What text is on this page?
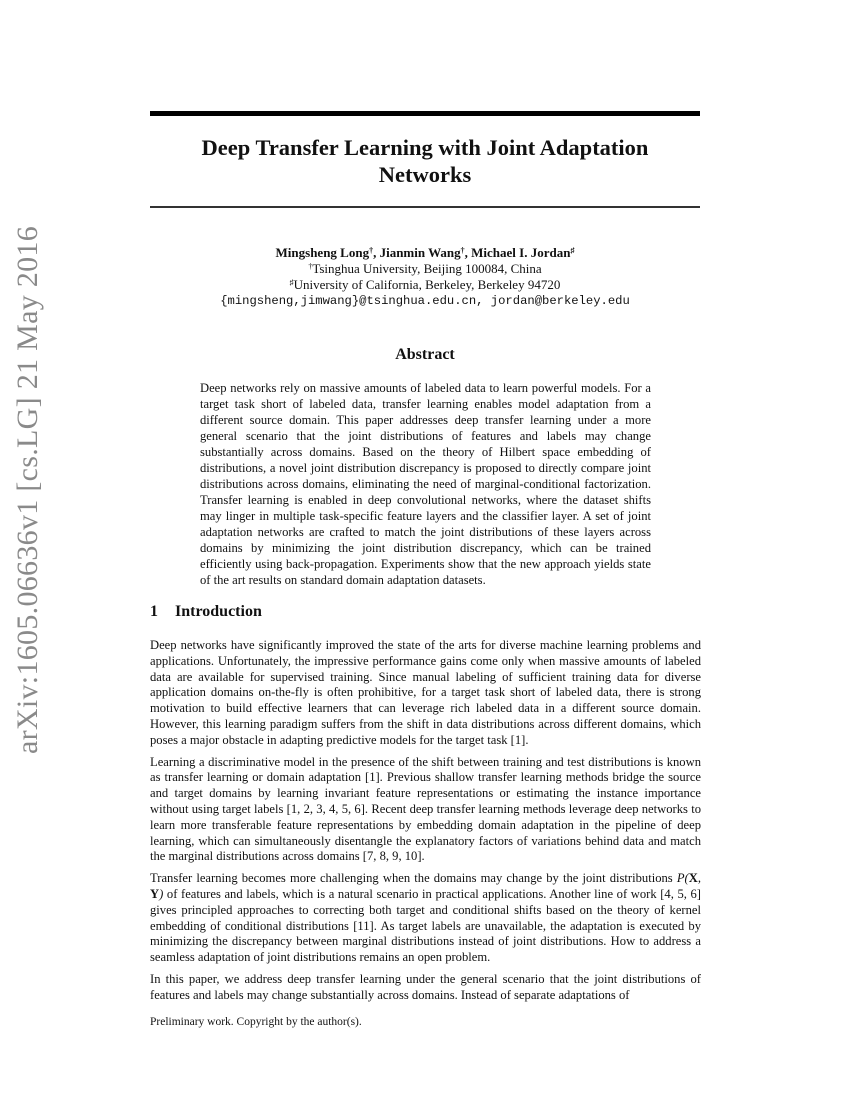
arXiv:1605.06636v1 [cs.LG] 21 May 2016
Deep Transfer Learning with Joint Adaptation
Networks
Mingsheng Long†, Jianmin Wang†, Michael I. Jordan♯
†Tsinghua University, Beijing 100084, China
♯University of California, Berkeley, Berkeley 94720
{mingsheng,jimwang}@tsinghua.edu.cn, jordan@berkeley.edu
Abstract
Deep networks rely on massive amounts of labeled data to learn powerful models. For a target task short of labeled data, transfer learning enables model adaptation from a different source domain. This paper addresses deep transfer learning under a more general scenario that the joint distributions of features and labels may change substantially across domains. Based on the theory of Hilbert space embedding of distributions, a novel joint distribution discrepancy is proposed to directly compare joint distributions across domains, eliminating the need of marginal-conditional factorization. Transfer learning is enabled in deep convolutional networks, where the dataset shifts may linger in multiple task-specific feature layers and the classifier layer. A set of joint adaptation networks are crafted to match the joint distributions of these layers across domains by minimizing the joint distribution discrepancy, which can be trained efficiently using back-propagation. Experiments show that the new approach yields state of the art results on standard domain adaptation datasets.
1 Introduction

Deep networks have significantly improved the state of the arts for diverse machine learning problems and applications. Unfortunately, the impressive performance gains come only when massive amounts of labeled data are available for supervised training. Since manual labeling of sufficient training data for diverse application domains on-the-fly is often prohibitive, for a target task short of labeled data, there is strong motivation to build effective learners that can leverage rich labeled data in a different source domain. However, this learning paradigm suffers from the shift in data distributions across different domains, which poses a major obstacle in adapting predictive models for the target task [1].

Learning a discriminative model in the presence of the shift between training and test distributions is known as transfer learning or domain adaptation [1]. Previous shallow transfer learning methods bridge the source and target domains by learning invariant feature representations or estimating the instance importance without using target labels [1, 2, 3, 4, 5, 6]. Recent deep transfer learning methods leverage deep networks to learn more transferable feature representations by embedding domain adaptation in the pipeline of deep learning, which can simultaneously disentangle the explanatory factors of variations behind data and match the marginal distributions across domains [7, 8, 9, 10].

Transfer learning becomes more challenging when the domains may change by the joint distributions P(X, Y) of features and labels, which is a natural scenario in practical applications. Another line of work [4, 5, 6] gives principled approaches to correcting both target and conditional shifts based on the theory of kernel embedding of conditional distributions [11]. As target labels are unavailable, the adaptation is executed by minimizing the discrepancy between marginal distributions instead of joint distributions. How to address a seamless adaptation of joint distributions remains an open problem.

In this paper, we address deep transfer learning under the general scenario that the joint distributions of features and labels may change substantially across domains. Instead of separate adaptations of

Preliminary work. Copyright by the author(s).
